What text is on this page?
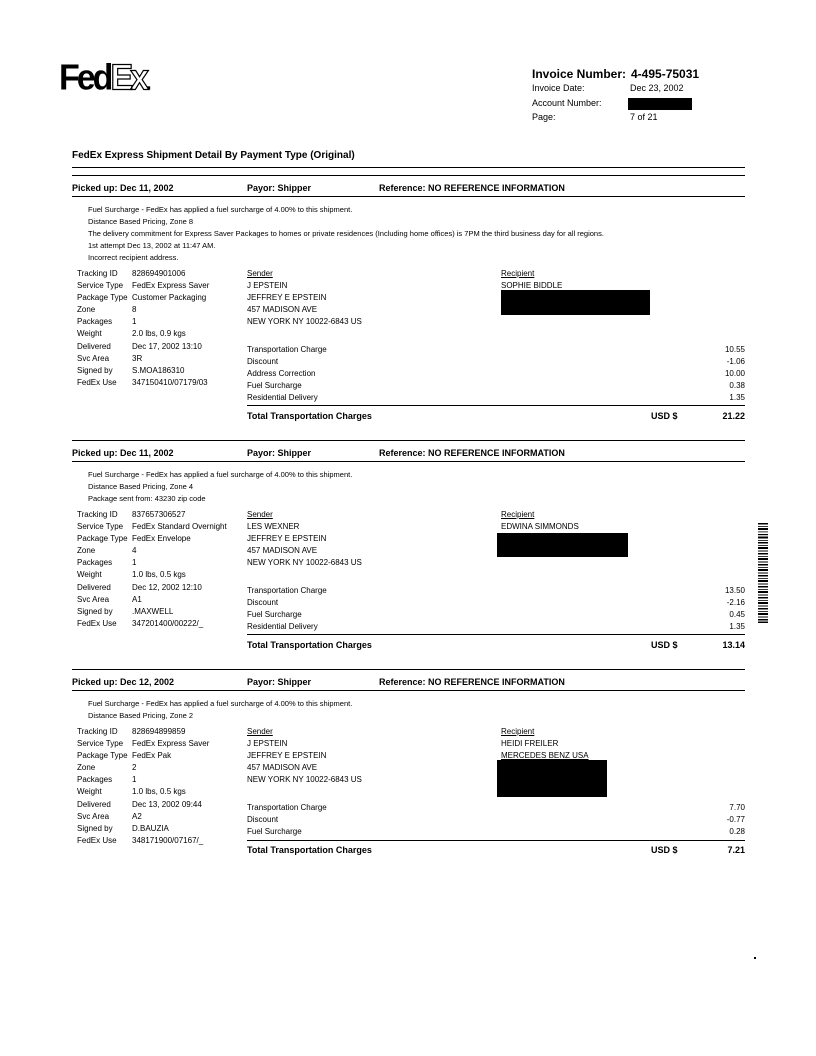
FedEx.	Invoice Number: 4-495-75031
Invoice Date:	Dec 23, 2002
Account Number:
Page:	7 of 21
FedEx Express Shipment Detail By Payment Type (Original)
Picked up: Dec 11, 2002	Payor: Shipper	Reference: NO REFERENCE INFORMATION
Fuel Surcharge - FedEx has applied a fuel surcharge of 4.00% to this shipment.
Distance Based Pricing, Zone 8
The delivery commitment for Express Saver Packages to homes or private residences (Including home offices) is 7PM the third business day for all regions.
1st attempt Dec 13, 2002 at 11:47 AM.
Incorrect recipient address.
Tracking ID 828694901006
Service Type FedEx Express Saver
Package Type Customer Packaging
Zone	8
Packages 1
Weight	2.0 lbs, 0.9 kgs
Delivered	Dec 17, 2002 13:10
Svc Area	3R
Signed by S.MOA186310
FedEx Use 347150410/07179/03
Sender
J EPSTEIN
JEFFREY E EPSTEIN
457 MADISON AVE
NEW YORK NY 10022-6843 US
Recipient
SOPHIE BIDDLE
Transportation Charge	10.55
Discount	-1.06
Address Correction	10.00
Fuel Surcharge	0.38
Residential Delivery	1.35
Total Transportation Charges	USD $	21.22
Picked up: Dec 11, 2002	Payor: Shipper	Reference: NO REFERENCE INFORMATION
Fuel Surcharge - FedEx has applied a fuel surcharge of 4.00% to this shipment.
Distance Based Pricing, Zone 4
Package sent from: 43230 zip code
Tracking ID 837657306527
Service Type FedEx Standard Overnight
Package Type FedEx Envelope
Zone	4
Packages 1
Weight	1.0 lbs, 0.5 kgs
Delivered	Dec 12, 2002 12:10
Svc Area	A1
Signed by .MAXWELL
FedEx Use 347201400/00222/_
Sender
LES WEXNER
JEFFREY E EPSTEIN
457 MADISON AVE
NEW YORK NY 10022-6843 US
Recipient
EDWINA SIMMONDS
Transportation Charge	13.50
Discount	-2.16
Fuel Surcharge	0.45
Residential Delivery	1.35
Total Transportation Charges	USD $	13.14
Picked up: Dec 12, 2002	Payor: Shipper	Reference: NO REFERENCE INFORMATION
Fuel Surcharge - FedEx has applied a fuel surcharge of 4.00% to this shipment.
Distance Based Pricing, Zone 2
Tracking ID 828694899859
Service Type FedEx Express Saver
Package Type FedEx Pak
Zone	2
Packages 1
Weight	1.0 lbs, 0.5 kgs
Delivered	Dec 13, 2002 09:44
Svc Area	A2
Signed by D.BAUZIA
FedEx Use 348171900/07167/_
Sender
J EPSTEIN
JEFFREY E EPSTEIN
457 MADISON AVE
NEW YORK NY 10022-6843 US
Recipient
HEIDI FREILER
MERCEDES BENZ USA
Transportation Charge	7.70
Discount	-0.77
Fuel Surcharge	0.28
Total Transportation Charges	USD $	7.21
